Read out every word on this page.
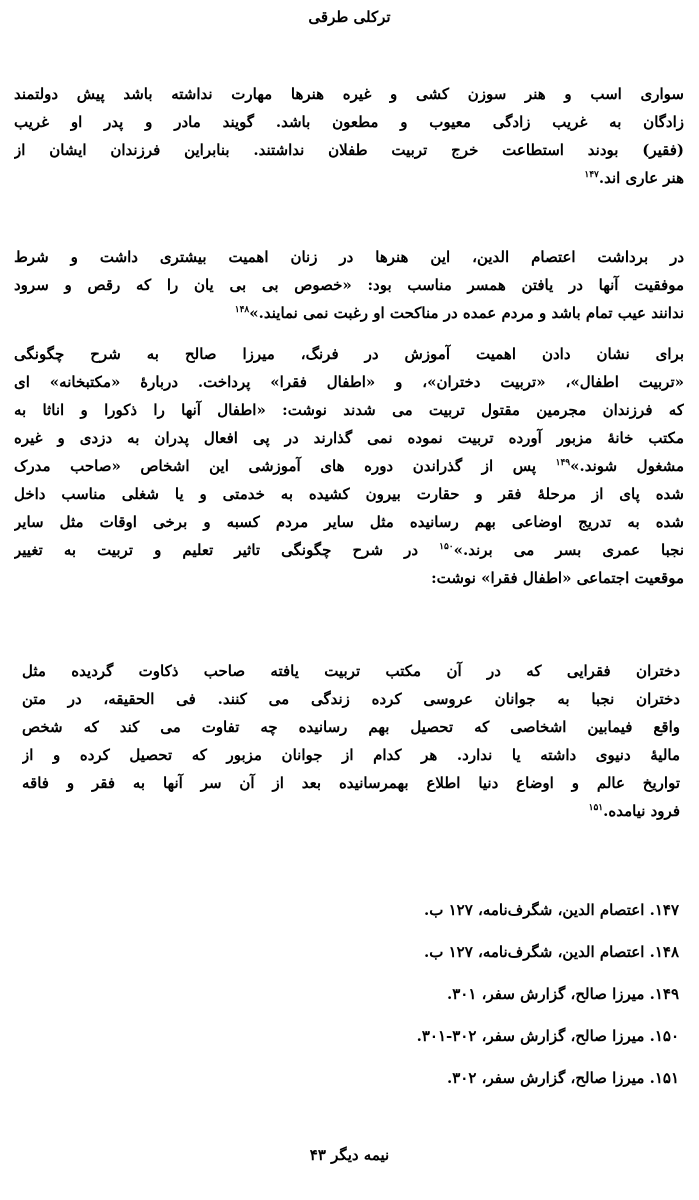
ترکلی طرقی
سواری اسب و هنر سوزن کشی و غیره هنرها مهارت نداشته باشد پیش دولتمند
زادگان به غریب زادگی معیوب و مطعون باشد. گویند مادر و پدر او غریب
(فقیر) بودند استطاعت خرج تربیت طفلان نداشتند. بنابراین فرزندان ایشان از
هنر عاری اند.$^{۱۴۷}$
در برداشت اعتصام الدین، این هنرها در زنان اهمیت بیشتری داشت و شرط
موفقیت آنها در یافتن همسر مناسب بود: «خصوص بی بی یان را که رقص و سرود
ندانند عیب تمام باشد و مردم عمده در مناکحت او رغبت نمی نمایند.»$^{۱۴۸}$
برای نشان دادن اهمیت آموزش در فرنگ، میرزا صالح به شرح چگونگی
«تربیت اطفال»، «تربیت دختران»، و «اطفال فقرا» پرداخت. دربارهٔ «مکتبخانه» ای
که فرزندان مجرمین مقتول تربیت می شدند نوشت: «اطفال آنها را ذکورا و اناثا به
مکتب خانهٔ مزبور آورده تربیت نموده نمی گذارند در پی افعال پدران به دزدی و غیره
مشغول شوند.»$^{۱۴۹}$ پس از گذراندن دوره های آموزشی این اشخاص «صاحب مدرک
شده پای از مرحلهٔ فقر و حقارت بیرون کشیده به خدمتی و یا شغلی مناسب داخل
شده به تدریج اوضاعی بهم رسانیده مثل سایر مردم کسبه و برخی اوقات مثل سایر
نجبا عمری بسر می برند.»$^{۱۵۰}$ در شرح چگونگی تاثیر تعلیم و تربیت به تغییر
موقعیت اجتماعی «اطفال فقرا» نوشت:
دختران فقرایی که در آن مکتب تربیت یافته صاحب ذکاوت گردیده مثل
دختران نجبا به جوانان عروسی کرده زندگی می کنند. فی الحقیقه، در متن
واقع فیمابین اشخاصی که تحصیل بهم رسانیده چه تفاوت می کند که شخص
مالیهٔ دنیوی داشته یا ندارد. هر کدام از جوانان مزبور که تحصیل کرده و از
تواریخ عالم و اوضاع دنیا اطلاع بهمرسانیده بعد از آن سر آنها به فقر و فاقه
فرود نیامده.$^{۱۵۱}$
۱۴۷. اعتصام الدین، شگرف‌نامه، ۱۲۷ ب.
۱۴۸. اعتصام الدین، شگرف‌نامه، ۱۲۷ ب.
۱۴۹. میرزا صالح، گزارش سفر، ۳۰۱.
۱۵۰. میرزا صالح، گزارش سفر، ۳۰۲-۳۰۱.
۱۵۱. میرزا صالح، گزارش سفر، ۳۰۲.
نیمه دیگر ۴۳
